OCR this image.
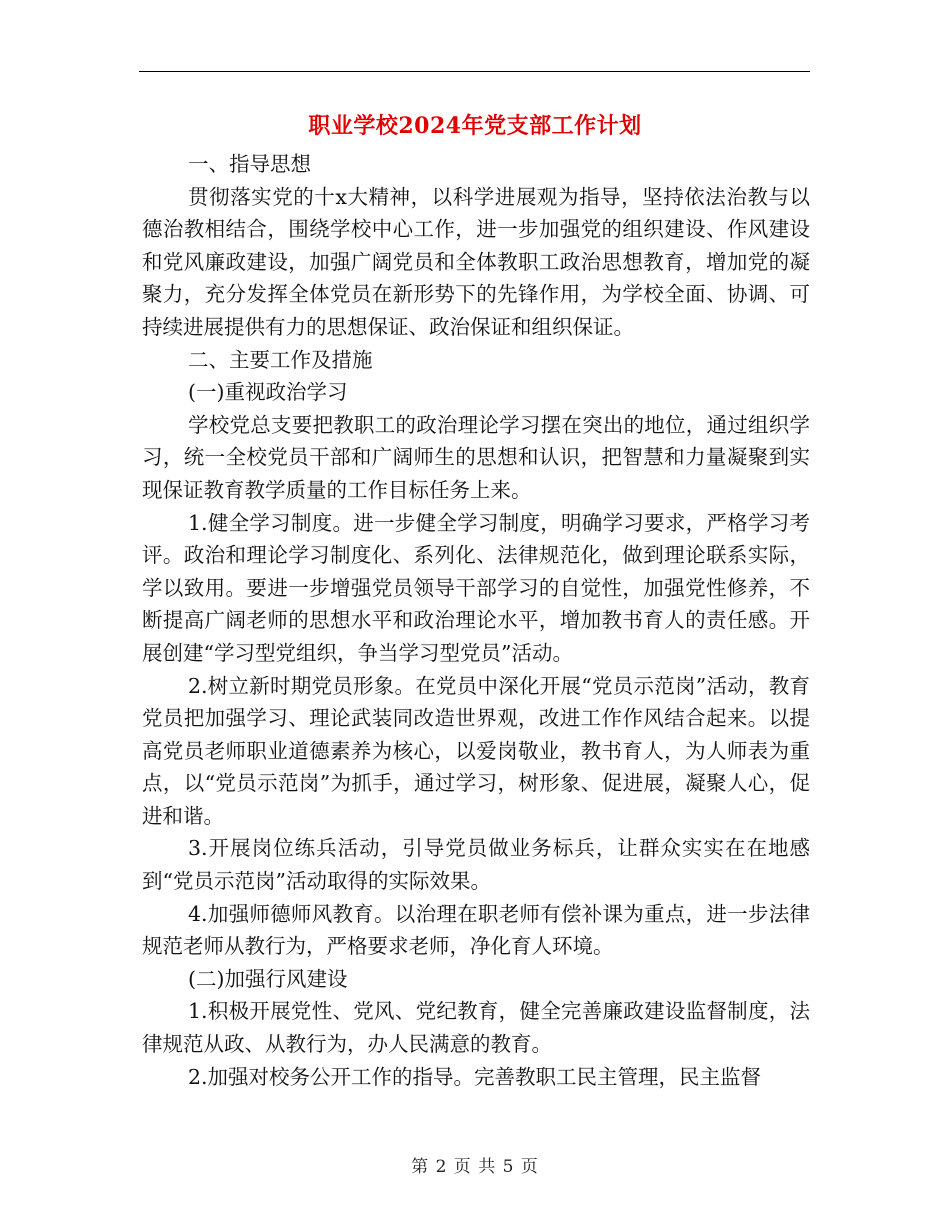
职业学校2024年党支部工作计划

一、指导思想

贯彻落实党的十x大精神，以科学进展观为指导，坚持依法治教与以德治教相结合，围绕学校中心工作，进一步加强党的组织建设、作风建设和党风廉政建设，加强广阔党员和全体教职工政治思想教育，增加党的凝聚力，充分发挥全体党员在新形势下的先锋作用，为学校全面、协调、可持续进展提供有力的思想保证、政治保证和组织保证。

二、主要工作及措施

(一)重视政治学习

学校党总支要把教职工的政治理论学习摆在突出的地位，通过组织学习，统一全校党员干部和广阔师生的思想和认识，把智慧和力量凝聚到实现保证教育教学质量的工作目标任务上来。

1.健全学习制度。进一步健全学习制度，明确学习要求，严格学习考评。政治和理论学习制度化、系列化、法律规范化，做到理论联系实际，学以致用。要进一步增强党员领导干部学习的自觉性，加强党性修养，不断提高广阔老师的思想水平和政治理论水平，增加教书育人的责任感。开展创建“学习型党组织，争当学习型党员”活动。

2.树立新时期党员形象。在党员中深化开展“党员示范岗”活动，教育党员把加强学习、理论武装同改造世界观，改进工作作风结合起来。以提高党员老师职业道德素养为核心，以爱岗敬业，教书育人，为人师表为重点，以“党员示范岗”为抓手，通过学习，树形象、促进展，凝聚人心，促进和谐。

3.开展岗位练兵活动，引导党员做业务标兵，让群众实实在在地感到“党员示范岗”活动取得的实际效果。

4.加强师德师风教育。以治理在职老师有偿补课为重点，进一步法律规范老师从教行为，严格要求老师，净化育人环境。

(二)加强行风建设

1.积极开展党性、党风、党纪教育，健全完善廉政建设监督制度，法律规范从政、从教行为，办人民满意的教育。

2.加强对校务公开工作的指导。完善教职工民主管理，民主监督

第 2 页 共 5 页
